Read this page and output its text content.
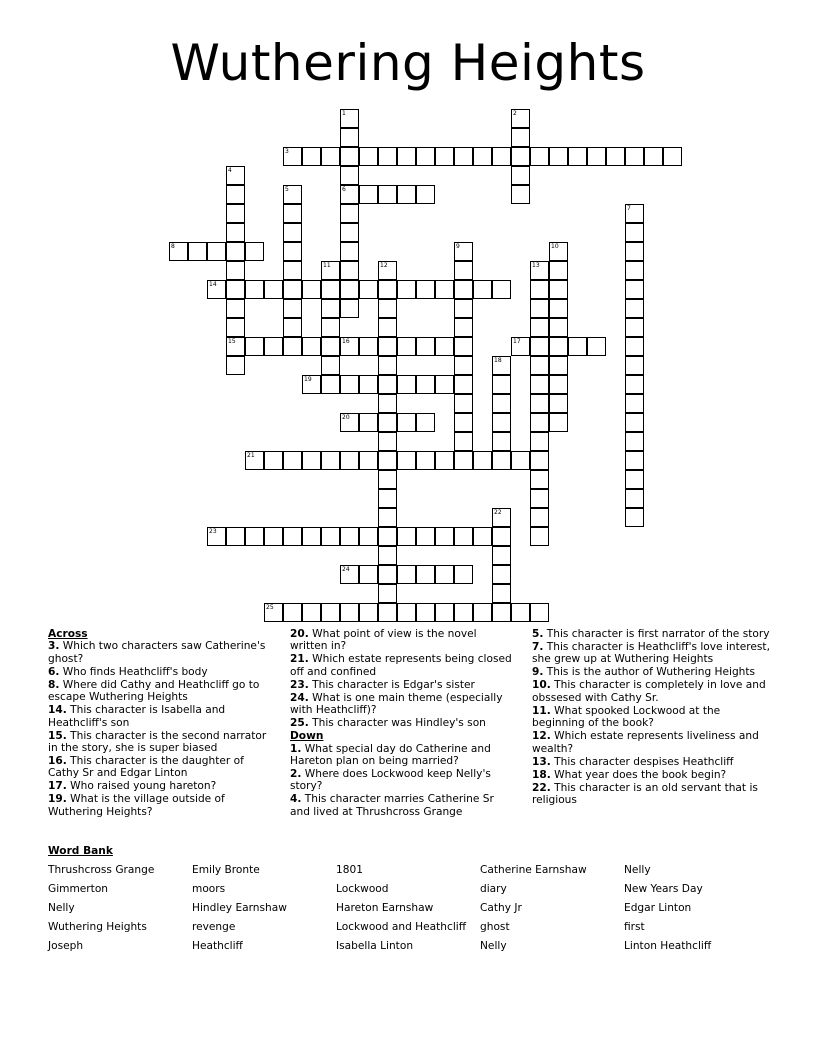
Wuthering Heights
1
6
2
3
4
15
5
7
8	9	10
11	12	13
14
16	17
18
19
20
21
22
23
24
25
Across
3. Which two characters saw Catherine's ghost?
6. Who finds Heathcliff's body
8. Where did Cathy and Heathcliff go to escape Wuthering Heights
14. This character is Isabella and Heathcliff's son
15. This character is the second narrator in the story, she is super biased
16. This character is the daughter of Cathy Sr and Edgar Linton
17. Who raised young hareton?
19. What is the village outside of Wuthering Heights?
20. What point of view is the novel written in?
21. Which estate represents being closed off and confined
23. This character is Edgar's sister
24. What is one main theme (especially with Heathcliff)?
25. This character was Hindley's son
Down
1. What special day do Catherine and Hareton plan on being married?
2. Where does Lockwood keep Nelly's story?
4. This character marries Catherine Sr and lived at Thrushcross Grange
5. This character is first narrator of the story
7. This character is Heathcliff's love interest, she grew up at Wuthering Heights
9. This is the author of Wuthering Heights
10. This character is completely in love and obssesed with Cathy Sr.
11. What spooked Lockwood at the beginning of the book?
12. Which estate represents liveliness and wealth?
13. This character despises Heathcliff
18. What year does the book begin?
22. This character is an old servant that is religious
Word Bank
Thrushcross Grange
Gimmerton
Nelly
Wuthering Heights
Joseph
Emily Bronte
moors
Hindley Earnshaw
revenge
Heathcliff
1801
Lockwood
Hareton Earnshaw
Lockwood and Heathcliff
Isabella Linton
Catherine Earnshaw
diary
Cathy Jr
ghost
Nelly
Nelly
New Years Day
Edgar Linton
first
Linton Heathcliff
